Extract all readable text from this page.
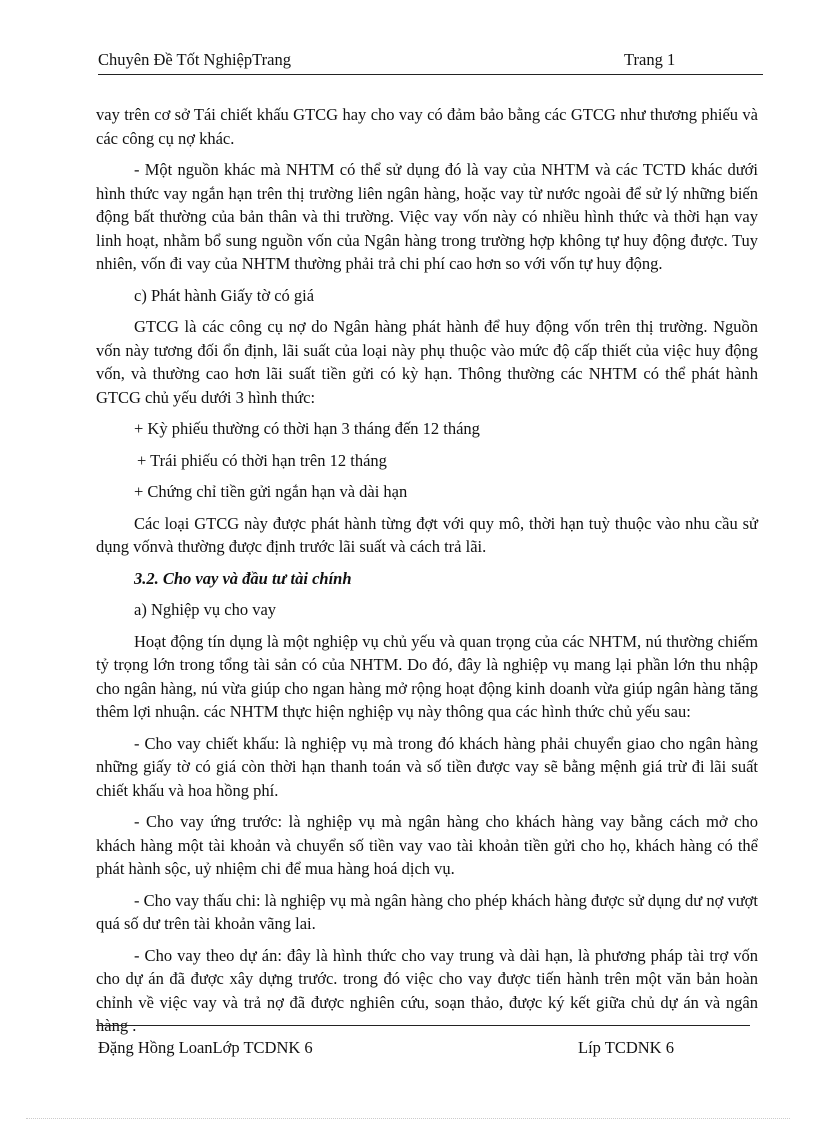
Chuyên Đề Tốt NghiệpTrang	Trang 1

vay trên cơ sở Tái chiết khấu GTCG hay cho vay có đảm bảo bằng các GTCG như thương phiếu và các công cụ nợ khác.

- Một nguồn khác mà NHTM có thể sử dụng đó là vay của NHTM và các TCTD khác dưới hình thức vay ngắn hạn trên thị trường liên ngân hàng, hoặc vay từ nước ngoài để sử lý những biến động bất thường của bản thân và thi trường. Việc vay vốn này có nhiều hình thức và thời hạn vay linh hoạt, nhằm bổ sung nguồn vốn của Ngân hàng trong trường hợp không tự huy động được. Tuy nhiên, vốn đi vay của NHTM thường phải trả chi phí cao hơn so với vốn tự huy động.

c) Phát hành Giấy tờ có giá

GTCG là các công cụ nợ do Ngân hàng phát hành để huy động vốn trên thị trường. Nguồn vốn này tương đối ổn định, lãi suất của loại này phụ thuộc vào mức độ cấp thiết của việc huy động vốn, và thường cao hơn lãi suất tiền gửi có kỳ hạn. Thông thường các NHTM có thể phát hành GTCG chủ yếu dưới 3 hình thức:

+ Kỳ phiếu thường có thời hạn 3 tháng đến 12 tháng

+ Trái phiếu có thời hạn trên 12 tháng

+ Chứng chỉ tiền gửi ngắn hạn và dài hạn

Các loại GTCG này được phát hành từng đợt với quy mô, thời hạn tuỳ thuộc vào nhu cầu sử dụng vốnvà thường được định trước lãi suất và cách trả lãi.

3.2. Cho vay và đầu tư tài chính

a) Nghiệp vụ cho vay

Hoạt động tín dụng là một nghiệp vụ chủ yếu và quan trọng của các NHTM, nú thường chiếm tỷ trọng lớn trong tổng tài sản có của NHTM. Do đó, đây là nghiệp vụ mang lại phần lớn thu nhập cho ngân hàng, nú vừa giúp cho ngan hàng mở rộng hoạt động kinh doanh vừa giúp ngân hàng tăng thêm lợi nhuận. các NHTM thực hiện nghiệp vụ này thông qua các hình thức chủ yếu sau:

- Cho vay chiết khấu: là nghiệp vụ mà trong đó khách hàng phải chuyển giao cho ngân hàng những giấy tờ có giá còn thời hạn thanh toán và số tiền được vay sẽ bằng mệnh giá trừ đi lãi suất chiết khấu và hoa hồng phí.

- Cho vay ứng trước: là nghiệp vụ mà ngân hàng cho khách hàng vay bằng cách mở cho khách hàng một tài khoản và chuyển số tiền vay vao tài khoản tiền gửi cho họ, khách hàng có thể phát hành sộc, uỷ nhiệm chi để mua hàng hoá dịch vụ.

- Cho vay thấu chi: là nghiệp vụ mà ngân hàng cho phép khách hàng được sử dụng dư nợ vượt quá số dư trên tài khoản vãng lai.

- Cho vay theo dự án: đây là hình thức cho vay trung và dài hạn, là phương pháp tài trợ vốn cho dự án đã được xây dựng trước. trong đó việc cho vay được tiến hành trên một văn bản hoàn chỉnh về việc vay và trả nợ đã được nghiên cứu, soạn thảo, được ký kết giữa chủ dự án và ngân hàng .

Đặng Hồng LoanLớp TCDNK 6	Líp TCDNK 6
